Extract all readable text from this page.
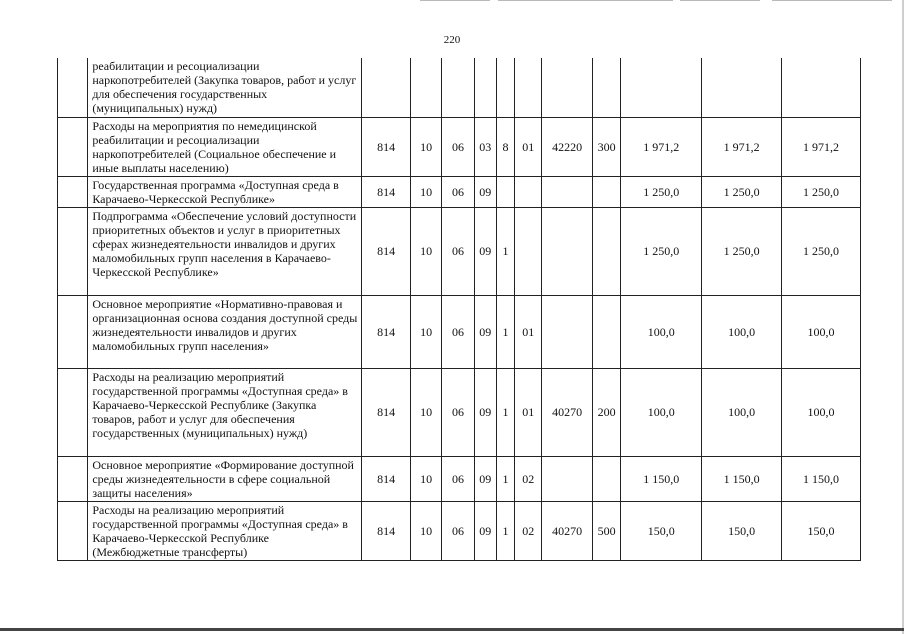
220
	реабилитации и ресоциализации наркопотребителей (Закупка товаров, работ и услуг для обеспечения государственных (муниципальных) нужд)											
	Расходы на мероприятия по немедицинской реабилитации и ресоциализации наркопотребителей (Социальное обеспечение и иные выплаты населению)	814	10	06	03	8	01	42220	300	1 971,2	1 971,2	1 971,2
	Государственная программа «Доступная среда в Карачаево-Черкесской Республике»	814	10	06	09					1 250,0	1 250,0	1 250,0
	Подпрограмма «Обеспечение условий доступности приоритетных объектов и услуг в приоритетных сферах жизнедеятельности инвалидов и других маломобильных групп населения в Карачаево-Черкесской Республике»	814	10	06	09	1				1 250,0	1 250,0	1 250,0
	Основное мероприятие «Нормативно-правовая и организационная основа создания доступной среды жизнедеятельности инвалидов и других маломобильных групп населения»	814	10	06	09	1	01			100,0	100,0	100,0
	Расходы на реализацию мероприятий государственной программы «Доступная среда» в Карачаево-Черкесской Республике (Закупка товаров, работ и услуг для обеспечения государственных (муниципальных) нужд)	814	10	06	09	1	01	40270	200	100,0	100,0	100,0
	Основное мероприятие «Формирование доступной среды жизнедеятельности в сфере социальной защиты населения»	814	10	06	09	1	02			1 150,0	1 150,0	1 150,0
	Расходы на реализацию мероприятий государственной программы «Доступная среда» в Карачаево-Черкесской Республике (Межбюджетные трансферты)	814	10	06	09	1	02	40270	500	150,0	150,0	150,0
